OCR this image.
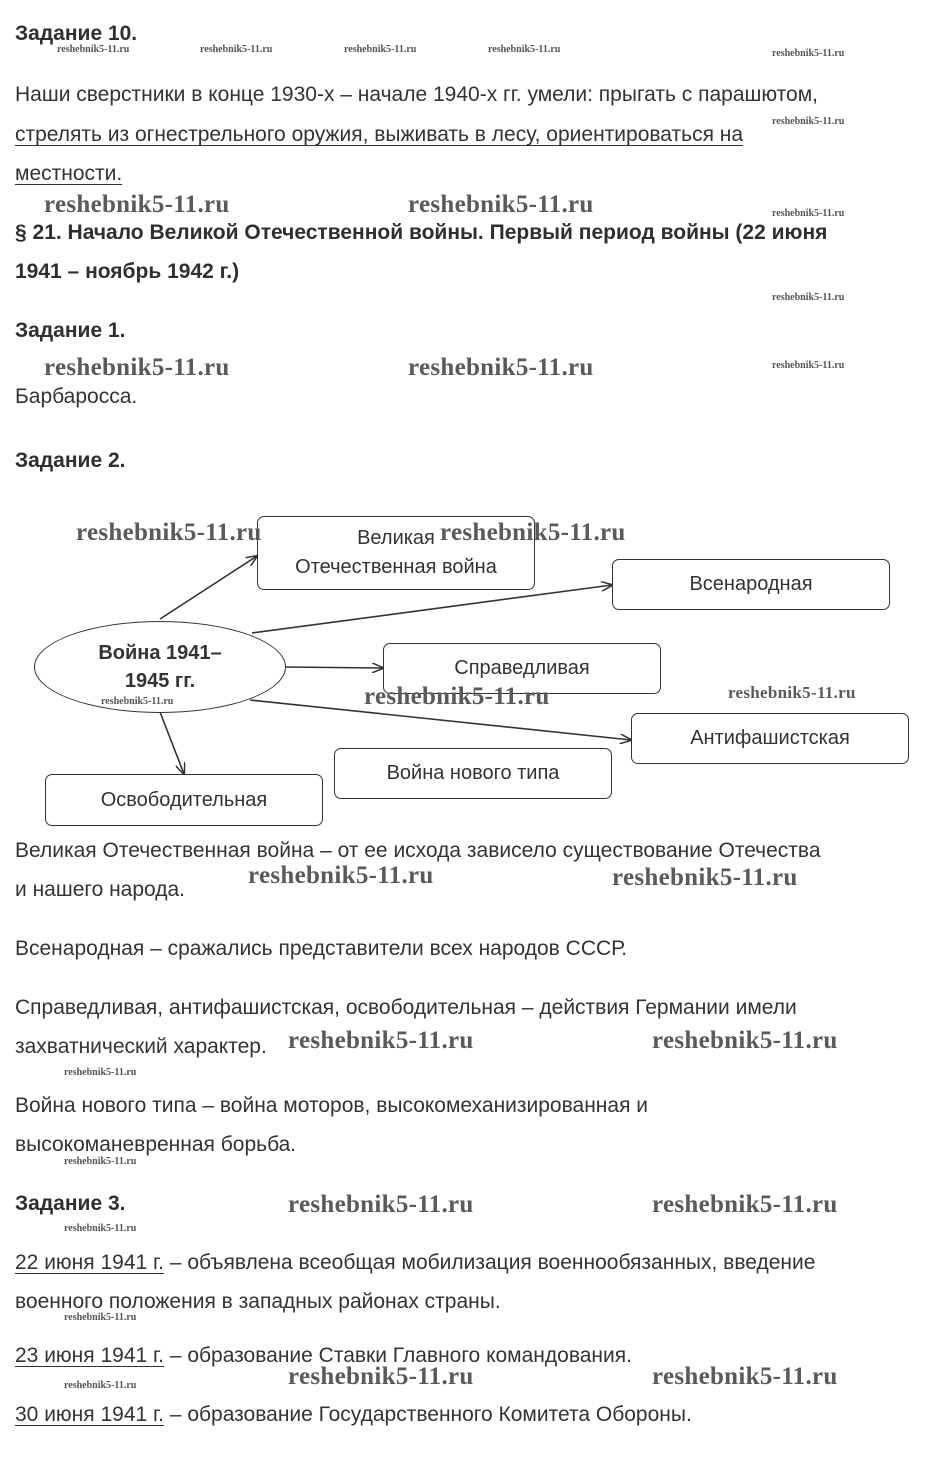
Задание 10.
Наши сверстники в конце 1930-х – начале 1940-х гг. умели: прыгать с парашютом,
стрелять из огнестрельного оружия, выживать в лесу, ориентироваться на
местности.
§ 21. Начало Великой Отечественной войны. Первый период войны (22 июня
1941 – ноябрь 1942 г.)
Задание 1.
Барбаросса.
Задание 2.
Война 1941–
1945 гг.
Великая
Отечественная война
Всенародная
Справедливая
Антифашистская
Война нового типа
Освободительная
Великая Отечественная война – от ее исхода зависело существование Отечества
и нашего народа.
Всенародная – сражались представители всех народов СССР.
Справедливая, антифашистская, освободительная – действия Германии имели
захватнический характер.
Война нового типа – война моторов, высокомеханизированная и
высокоманевренная борьба.
Задание 3.
22 июня 1941 г. – объявлена всеобщая мобилизация военнообязанных, введение
военного положения в западных районах страны.
23 июня 1941 г. – образование Ставки Главного командования.
30 июня 1941 г. – образование Государственного Комитета Обороны.
reshebnik5-11.ru	reshebnik5-11.ru	reshebnik5-11.ru	reshebnik5-11.ru	reshebnik5-11.ru
reshebnik5-11.ru
reshebnik5-11.ru
reshebnik5-11.ru
reshebnik5-11.ru
reshebnik5-11.ru
reshebnik5-11.ru
reshebnik5-11.ru
reshebnik5-11.ru
reshebnik5-11.ru
reshebnik5-11.ru
reshebnik5-11.ru	reshebnik5-11.ru
reshebnik5-11.ru	reshebnik5-11.ru
reshebnik5-11.ru	reshebnik5-11.ru
reshebnik5-11.ru	reshebnik5-11.ru
reshebnik5-11.ru	reshebnik5-11.ru
reshebnik5-11.ru	reshebnik5-11.ru
reshebnik5-11.ru	reshebnik5-11.ru
reshebnik5-11.ru	reshebnik5-11.ru
